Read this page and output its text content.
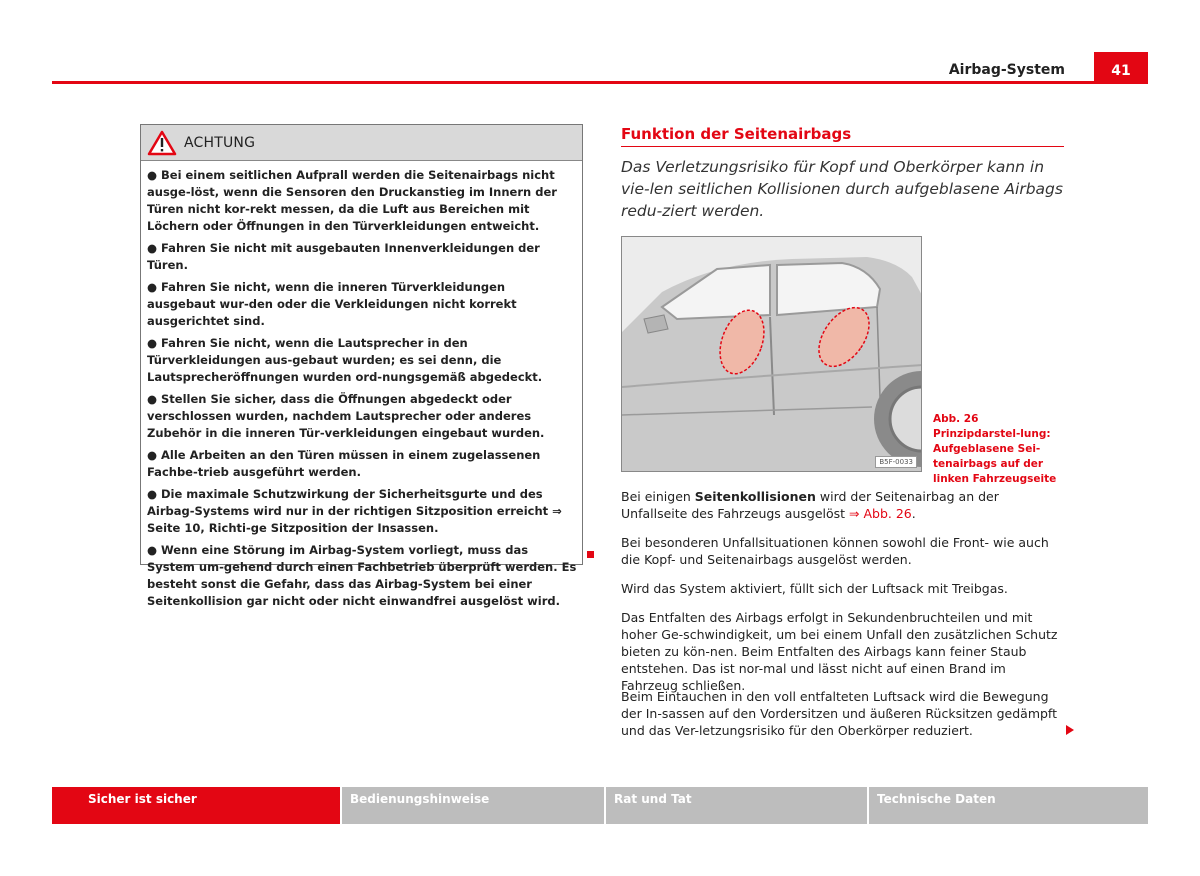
Airbag-System	41
ACHTUNG
● Bei einem seitlichen Aufprall werden die Seitenairbags nicht ausge-löst, wenn die Sensoren den Druckanstieg im Innern der Türen nicht kor-rekt messen, da die Luft aus Bereichen mit Löchern oder Öffnungen in den Türverkleidungen entweicht.
● Fahren Sie nicht mit ausgebauten Innenverkleidungen der Türen.
● Fahren Sie nicht, wenn die inneren Türverkleidungen ausgebaut wur-den oder die Verkleidungen nicht korrekt ausgerichtet sind.
● Fahren Sie nicht, wenn die Lautsprecher in den Türverkleidungen aus-gebaut wurden; es sei denn, die Lautsprecheröffnungen wurden ord-nungsgemäß abgedeckt.
● Stellen Sie sicher, dass die Öffnungen abgedeckt oder verschlossen wurden, nachdem Lautsprecher oder anderes Zubehör in die inneren Tür-verkleidungen eingebaut wurden.
● Alle Arbeiten an den Türen müssen in einem zugelassenen Fachbe-trieb ausgeführt werden.
● Die maximale Schutzwirkung der Sicherheitsgurte und des Airbag-Systems wird nur in der richtigen Sitzposition erreicht ⇒ Seite 10, Richti-ge Sitzposition der Insassen.
● Wenn eine Störung im Airbag-System vorliegt, muss das System um-gehend durch einen Fachbetrieb überprüft werden. Es besteht sonst die Gefahr, dass das Airbag-System bei einer Seitenkollision gar nicht oder nicht einwandfrei ausgelöst wird.
Funktion der Seitenairbags
Das Verletzungsrisiko für Kopf und Oberkörper kann in vie-len seitlichen Kollisionen durch aufgeblasene Airbags redu-ziert werden.
B5F-0033
Abb. 26 Prinzipdarstel-lung: Aufgeblasene Sei-tenairbags auf der linken Fahrzeugseite
Bei einigen Seitenkollisionen wird der Seitenairbag an der Unfallseite des Fahrzeugs ausgelöst ⇒ Abb. 26.
Bei besonderen Unfallsituationen können sowohl die Front- wie auch die Kopf- und Seitenairbags ausgelöst werden.
Wird das System aktiviert, füllt sich der Luftsack mit Treibgas.
Das Entfalten des Airbags erfolgt in Sekundenbruchteilen und mit hoher Ge-schwindigkeit, um bei einem Unfall den zusätzlichen Schutz bieten zu kön-nen. Beim Entfalten des Airbags kann feiner Staub entstehen. Das ist nor-mal und lässt nicht auf einen Brand im Fahrzeug schließen.
Beim Eintauchen in den voll entfalteten Luftsack wird die Bewegung der In-sassen auf den Vordersitzen und äußeren Rücksitzen gedämpft und das Ver-letzungsrisiko für den Oberkörper reduziert.
Sicher ist sicher	Bedienungshinweise	Rat und Tat	Technische Daten
